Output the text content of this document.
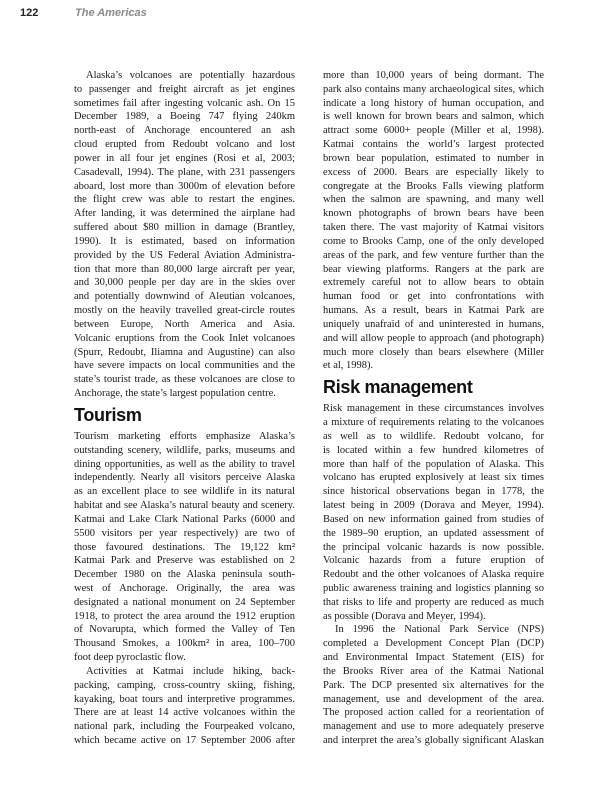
122	The Americas
Alaska’s volcanoes are potentially hazardous
to passenger and freight aircraft as jet engines
sometimes fail after ingesting volcanic ash. On 15
December 1989, a Boeing 747 flying 240km
north-east of Anchorage encountered an ash
cloud erupted from Redoubt volcano and lost
power in all four jet engines (Rosi et al, 2003;
Casadevall, 1994). The plane, with 231 passengers
aboard, lost more than 3000m of elevation before
the flight crew was able to restart the engines.
After landing, it was determined the airplane had
suffered about $80 million in damage (Brantley,
1990). It is estimated, based on information
provided by the US Federal Aviation Administra-
tion that more than 80,000 large aircraft per year,
and 30,000 people per day are in the skies over
and potentially downwind of Aleutian volcanoes,
mostly on the heavily travelled great-circle routes
between Europe, North America and Asia.
Volcanic eruptions from the Cook Inlet volcanoes
(Spurr, Redoubt, Iliamna and Augustine) can also
have severe impacts on local communities and the
state’s tourist trade, as these volcanoes are close to
Anchorage, the state’s largest population centre.
Tourism
Tourism marketing efforts emphasize Alaska’s
outstanding scenery, wildlife, parks, museums and
dining opportunities, as well as the ability to travel
independently. Nearly all visitors perceive Alaska
as an excellent place to see wildlife in its natural
habitat and see Alaska’s natural beauty and scenery.
Katmai and Lake Clark National Parks (6000 and
5500 visitors per year respectively) are two of
those favoured destinations. The 19,122 km²
Katmai Park and Preserve was established on 2
December 1980 on the Alaska peninsula south-
west of Anchorage. Originally, the area was
designated a national monument on 24 September
1918, to protect the area around the 1912 eruption
of Novarupta, which formed the Valley of Ten
Thousand Smokes, a 100km² in area, 100–700
foot deep pyroclastic flow.
Activities at Katmai include hiking, back-
packing, camping, cross-country skiing, fishing,
kayaking, boat tours and interpretive programmes.
There are at least 14 active volcanoes within the
national park, including the Fourpeaked volcano,
which became active on 17 September 2006 after
more than 10,000 years of being dormant. The
park also contains many archaeological sites, which
indicate a long history of human occupation, and
is well known for brown bears and salmon, which
attract some 6000+ people (Miller et al, 1998).
Katmai contains the world’s largest protected
brown bear population, estimated to number in
excess of 2000. Bears are especially likely to
congregate at the Brooks Falls viewing platform
when the salmon are spawning, and many well
known photographs of brown bears have been
taken there. The vast majority of Katmai visitors
come to Brooks Camp, one of the only developed
areas of the park, and few venture further than the
bear viewing platforms. Rangers at the park are
extremely careful not to allow bears to obtain
human food or get into confrontations with
humans. As a result, bears in Katmai Park are
uniquely unafraid of and uninterested in humans,
and will allow people to approach (and photograph)
much more closely than bears elsewhere (Miller
et al, 1998).
Risk management
Risk management in these circumstances involves
a mixture of requirements relating to the volcanoes
as well as to wildlife. Redoubt volcano, for
is located within a few hundred kilometres of
more than half of the population of Alaska. This
volcano has erupted explosively at least six times
since historical observations began in 1778, the
latest being in 2009 (Dorava and Meyer, 1994).
Based on new information gained from studies of
the 1989–90 eruption, an updated assessment of
the principal volcanic hazards is now possible.
Volcanic hazards from a future eruption of
Redoubt and the other volcanoes of Alaska require
public awareness training and logistics planning so
that risks to life and property are reduced as much
as possible (Dorava and Meyer, 1994).
In 1996 the National Park Service (NPS)
completed a Development Concept Plan (DCP)
and Environmental Impact Statement (EIS) for
the Brooks River area of the Katmai National
Park. The DCP presented six alternatives for the
management, use and development of the area.
The proposed action called for a reorientation of
management and use to more adequately preserve
and interpret the area’s globally significant Alaskan
